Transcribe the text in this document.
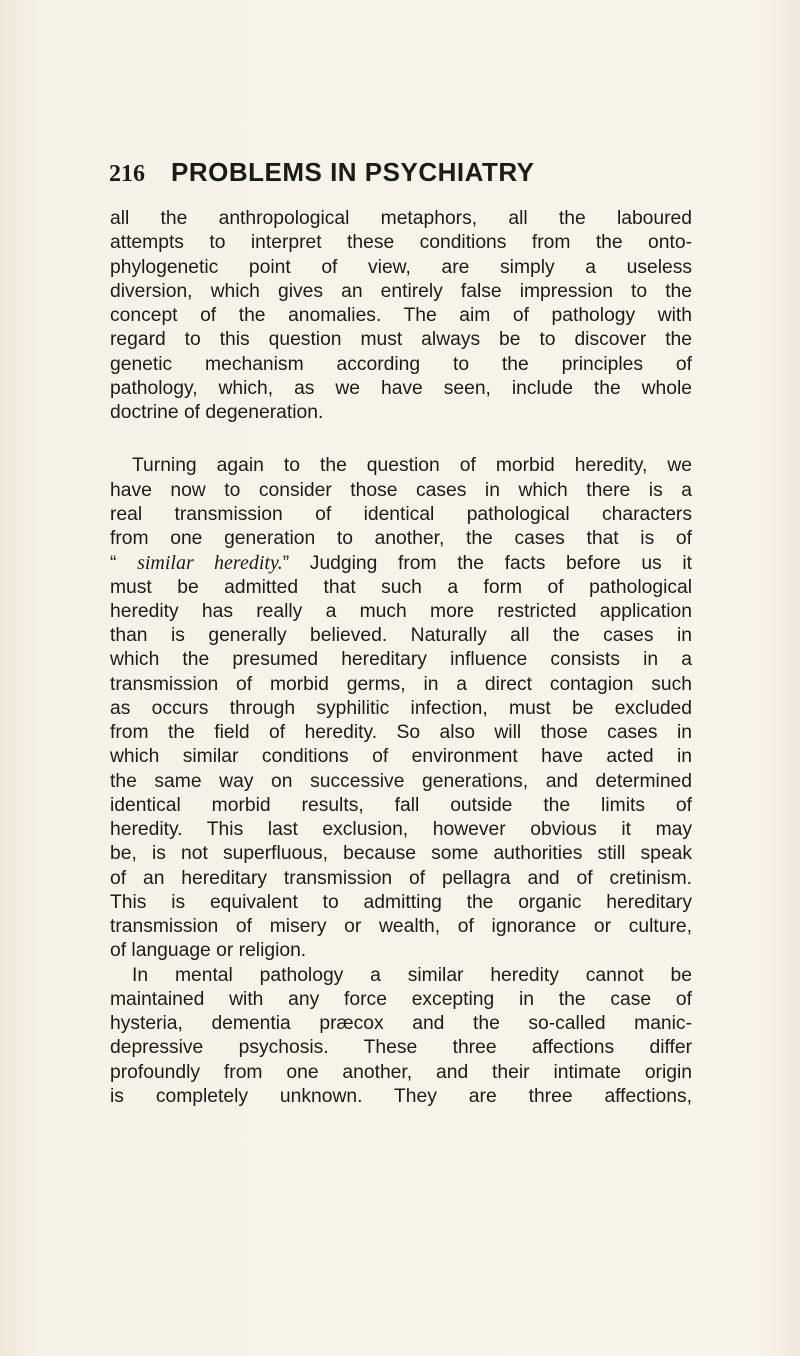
216 PROBLEMS IN PSYCHIATRY
all the anthropological metaphors, all the laboured
attempts to interpret these conditions from the onto-
phylogenetic point of view, are simply a useless
diversion, which gives an entirely false impression to the
concept of the anomalies. The aim of pathology with
regard to this question must always be to discover the
genetic mechanism according to the principles of
pathology, which, as we have seen, include the whole
doctrine of degeneration.
Turning again to the question of morbid heredity, we
have now to consider those cases in which there is a
real transmission of identical pathological characters
from one generation to another, the cases that is of
“ similar heredity.” Judging from the facts before us it
must be admitted that such a form of pathological
heredity has really a much more restricted application
than is generally believed. Naturally all the cases in
which the presumed hereditary influence consists in a
transmission of morbid germs, in a direct contagion such
as occurs through syphilitic infection, must be excluded
from the field of heredity. So also will those cases in
which similar conditions of environment have acted in
the same way on successive generations, and determined
identical morbid results, fall outside the limits of
heredity. This last exclusion, however obvious it may
be, is not superfluous, because some authorities still speak
of an hereditary transmission of pellagra and of cretinism.
This is equivalent to admitting the organic hereditary
transmission of misery or wealth, of ignorance or culture,
of language or religion.
In mental pathology a similar heredity cannot be
maintained with any force excepting in the case of
hysteria, dementia præcox and the so-called manic-
depressive psychosis. These three affections differ
profoundly from one another, and their intimate origin
is completely unknown. They are three affections,
